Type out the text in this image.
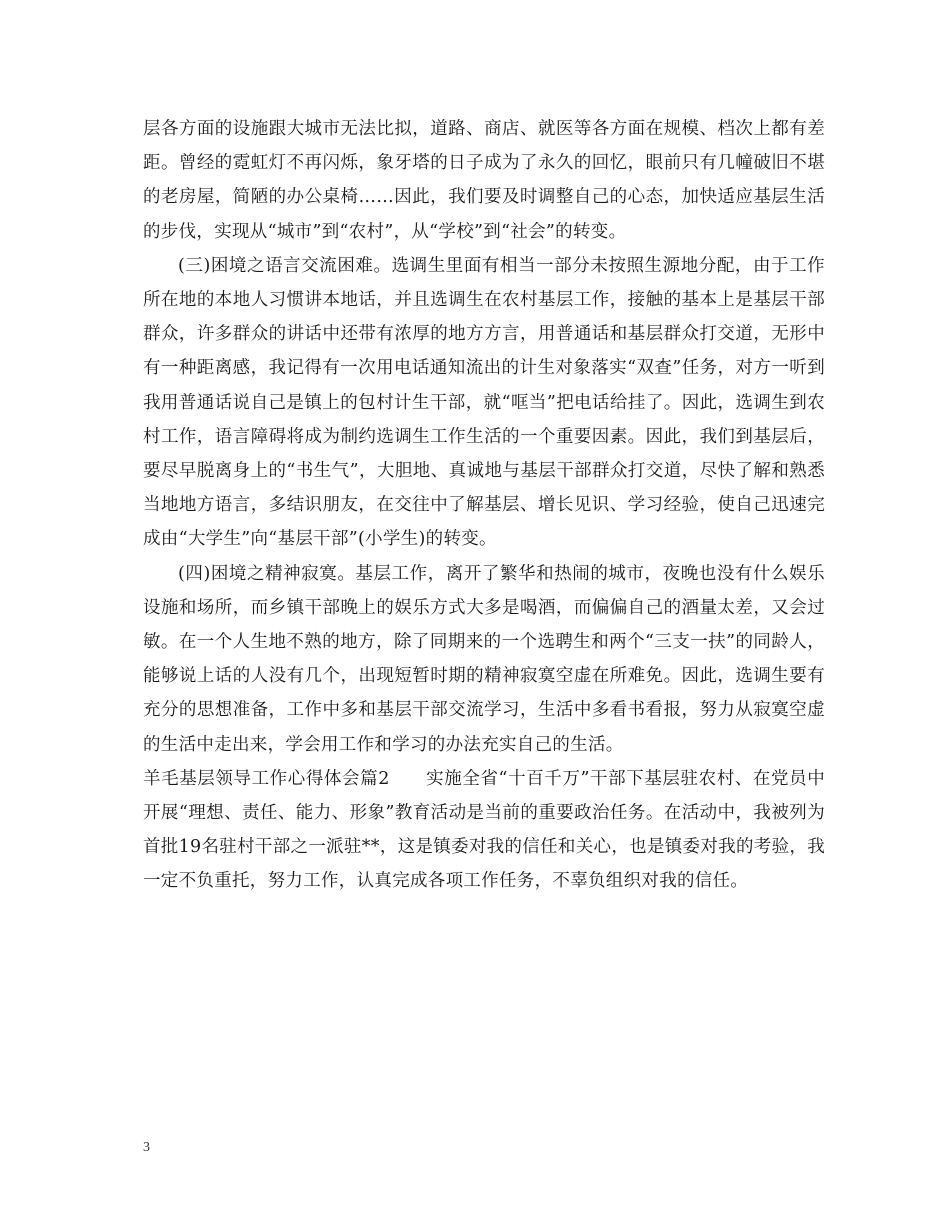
层各方面的设施跟大城市无法比拟，道路、商店、就医等各方面在规模、档次上都有差距。曾经的霓虹灯不再闪烁，象牙塔的日子成为了永久的回忆，眼前只有几幢破旧不堪的老房屋，简陋的办公桌椅……因此，我们要及时调整自己的心态，加快适应基层生活的步伐，实现从“城市”到“农村”，从“学校”到“社会”的转变。

(三)困境之语言交流困难。选调生里面有相当一部分未按照生源地分配，由于工作所在地的本地人习惯讲本地话，并且选调生在农村基层工作，接触的基本上是基层干部群众，许多群众的讲话中还带有浓厚的地方方言，用普通话和基层群众打交道，无形中有一种距离感，我记得有一次用电话通知流出的计生对象落实“双查”任务，对方一听到我用普通话说自己是镇上的包村计生干部，就“哐当”把电话给挂了。因此，选调生到农村工作，语言障碍将成为制约选调生工作生活的一个重要因素。因此，我们到基层后，要尽早脱离身上的“书生气”，大胆地、真诚地与基层干部群众打交道，尽快了解和熟悉当地地方语言，多结识朋友，在交往中了解基层、增长见识、学习经验，使自己迅速完成由“大学生”向“基层干部”(小学生)的转变。

(四)困境之精神寂寞。基层工作，离开了繁华和热闹的城市，夜晚也没有什么娱乐设施和场所，而乡镇干部晚上的娱乐方式大多是喝酒，而偏偏自己的酒量太差，又会过敏。在一个人生地不熟的地方，除了同期来的一个选聘生和两个“三支一扶”的同龄人，能够说上话的人没有几个，出现短暂时期的精神寂寞空虚在所难免。因此，选调生要有充分的思想准备，工作中多和基层干部交流学习，生活中多看书看报，努力从寂寞空虚的生活中走出来，学会用工作和学习的办法充实自己的生活。

羊毛基层领导工作心得体会篇2　　实施全省“十百千万”干部下基层驻农村、在党员中开展“理想、责任、能力、形象”教育活动是当前的重要政治任务。在活动中，我被列为首批19名驻村干部之一派驻**，这是镇委对我的信任和关心，也是镇委对我的考验，我一定不负重托，努力工作，认真完成各项工作任务，不辜负组织对我的信任。

3
